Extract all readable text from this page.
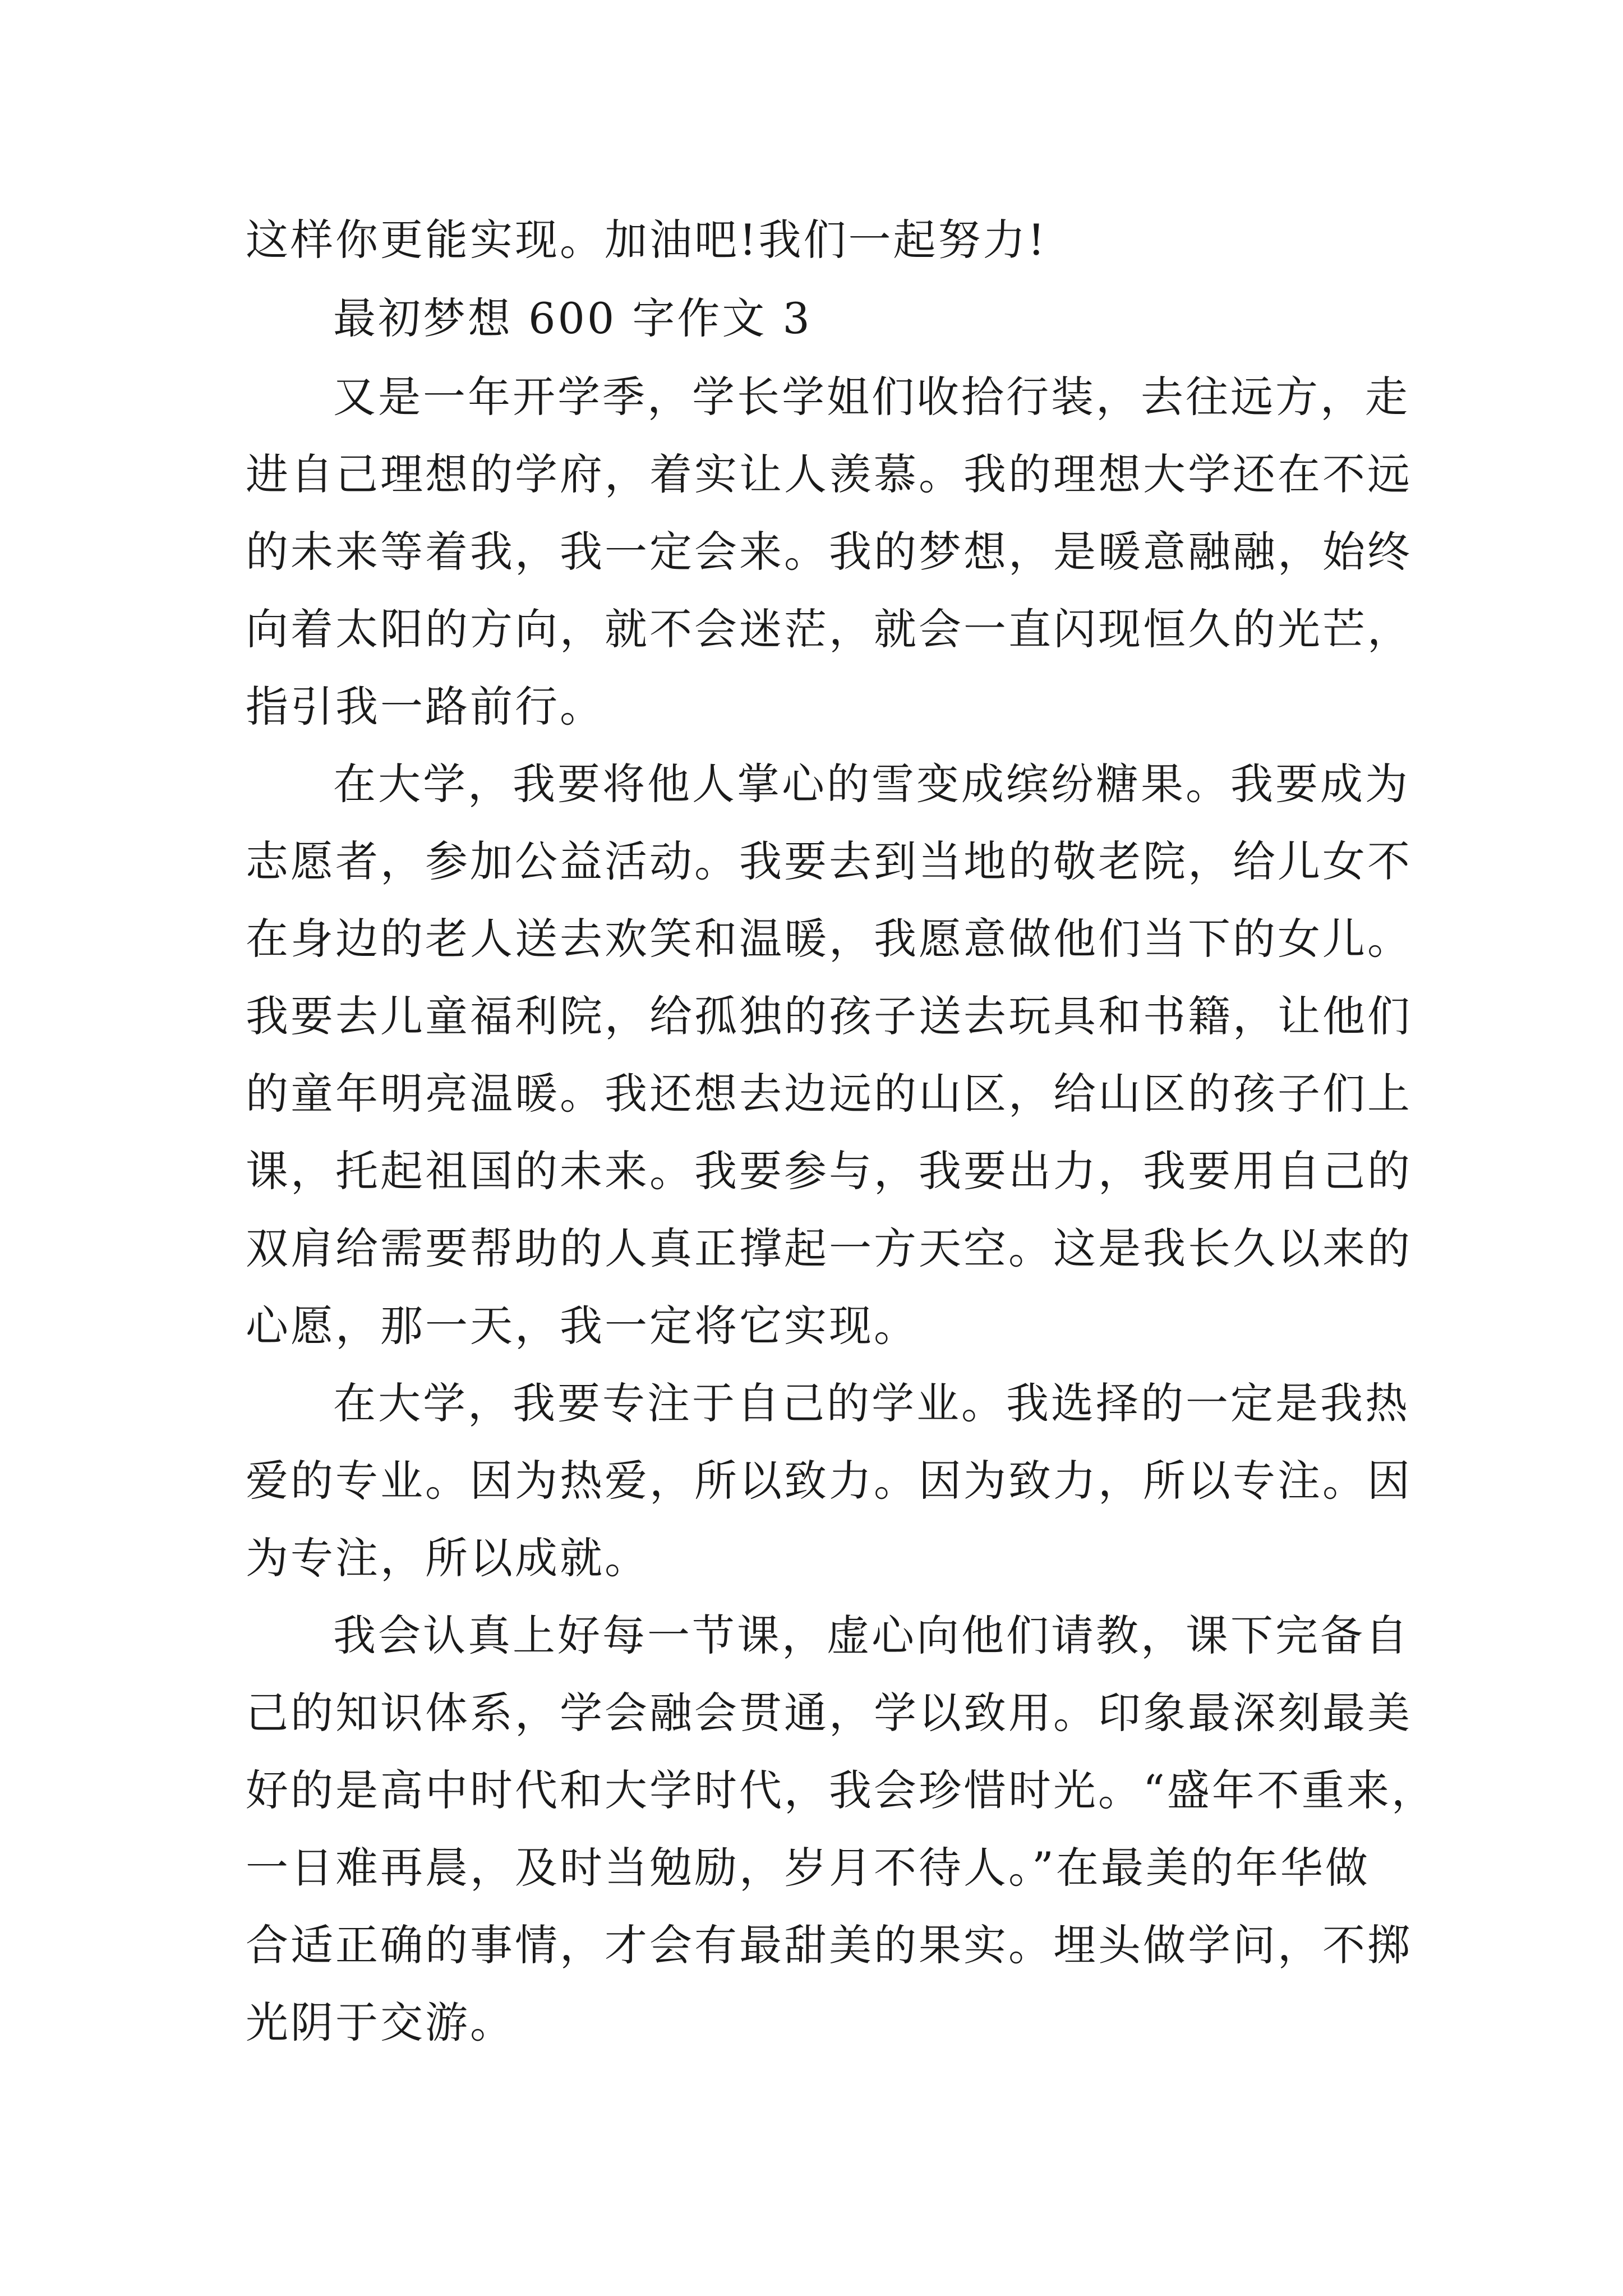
这样你更能实现。加油吧!我们一起努力!
最初梦想 600 字作文 3
又是一年开学季，学长学姐们收拾行装，去往远方，走
进自己理想的学府，着实让人羡慕。我的理想大学还在不远
的未来等着我，我一定会来。我的梦想，是暖意融融，始终
向着太阳的方向，就不会迷茫，就会一直闪现恒久的光芒，
指引我一路前行。
在大学，我要将他人掌心的雪变成缤纷糖果。我要成为
志愿者，参加公益活动。我要去到当地的敬老院，给儿女不
在身边的老人送去欢笑和温暖，我愿意做他们当下的女儿。
我要去儿童福利院，给孤独的孩子送去玩具和书籍，让他们
的童年明亮温暖。我还想去边远的山区，给山区的孩子们上
课，托起祖国的未来。我要参与，我要出力，我要用自己的
双肩给需要帮助的人真正撑起一方天空。这是我长久以来的
心愿，那一天，我一定将它实现。
在大学，我要专注于自己的学业。我选择的一定是我热
爱的专业。因为热爱，所以致力。因为致力，所以专注。因
为专注，所以成就。
我会认真上好每一节课，虚心向他们请教，课下完备自
己的知识体系，学会融会贯通，学以致用。印象最深刻最美
好的是高中时代和大学时代，我会珍惜时光。“盛年不重来，
一日难再晨，及时当勉励，岁月不待人。”在最美的年华做
合适正确的事情，才会有最甜美的果实。埋头做学问，不掷
光阴于交游。
